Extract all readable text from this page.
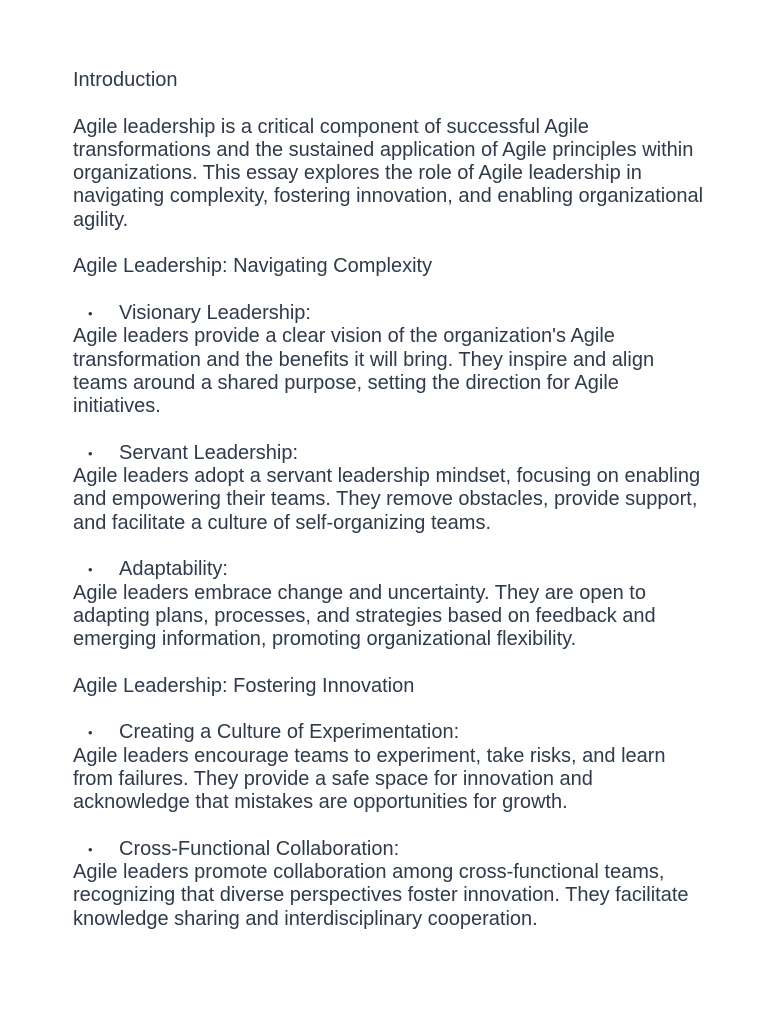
Introduction

Agile leadership is a critical component of successful Agile transformations and the sustained application of Agile principles within organizations. This essay explores the role of Agile leadership in navigating complexity, fostering innovation, and enabling organizational agility.

Agile Leadership: Navigating Complexity
• Visionary Leadership:

Agile leaders provide a clear vision of the organization's Agile transformation and the benefits it will bring. They inspire and align teams around a shared purpose, setting the direction for Agile initiatives.

• Servant Leadership:

Agile leaders adopt a servant leadership mindset, focusing on enabling and empowering their teams. They remove obstacles, provide support, and facilitate a culture of self-organizing teams.

• Adaptability:

Agile leaders embrace change and uncertainty. They are open to adapting plans, processes, and strategies based on feedback and emerging information, promoting organizational flexibility.

Agile Leadership: Fostering Innovation
• Creating a Culture of Experimentation:

Agile leaders encourage teams to experiment, take risks, and learn from failures. They provide a safe space for innovation and acknowledge that mistakes are opportunities for growth.

• Cross-Functional Collaboration:

Agile leaders promote collaboration among cross-functional teams, recognizing that diverse perspectives foster innovation. They facilitate knowledge sharing and interdisciplinary cooperation.
